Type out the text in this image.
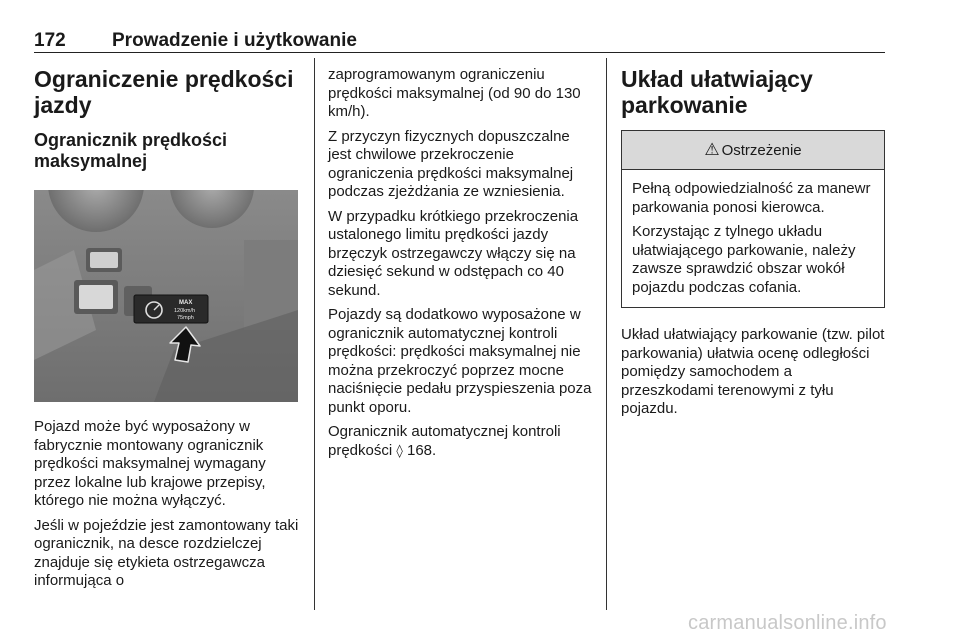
172 Prowadzenie i użytkowanie
Ograniczenie prędkości jazdy
Ogranicznik prędkości maksymalnej
MAX
120km/h
75mph

Pojazd może być wyposażony w fabrycznie montowany ogranicznik prędkości maksymalnej wymagany przez lokalne lub krajowe przepisy, którego nie można wyłączyć.

Jeśli w pojeździe jest zamontowany taki ogranicznik, na desce rozdzielczej znajduje się etykieta ostrzegawcza informująca o

zaprogramowanym ograniczeniu prędkości maksymalnej (od 90 do 130 km/h).

Z przyczyn fizycznych dopuszczalne jest chwilowe przekroczenie ograniczenia prędkości maksymalnej podczas zjeżdżania ze wzniesienia.

W przypadku krótkiego przekroczenia ustalonego limitu prędkości jazdy brzęczyk ostrzegawczy włączy się na dziesięć sekund w odstępach co 40 sekund.

Pojazdy są dodatkowo wyposażone w ogranicznik automatycznej kontroli prędkości: prędkości maksymalnej nie można przekroczyć poprzez mocne naciśnięcie pedału przyspieszenia poza punkt oporu.

Ogranicznik automatycznej kontroli prędkości ◊ 168.

Układ ułatwiający parkowanie
⚠ Ostrzeżenie

Pełną odpowiedzialność za manewr parkowania ponosi kierowca.

Korzystając z tylnego układu ułatwiającego parkowanie, należy zawsze sprawdzić obszar wokół pojazdu podczas cofania.

Układ ułatwiający parkowanie (tzw. pilot parkowania) ułatwia ocenę odległości pomiędzy samochodem a przeszkodami terenowymi z tyłu pojazdu.

carmanualsonline.info
